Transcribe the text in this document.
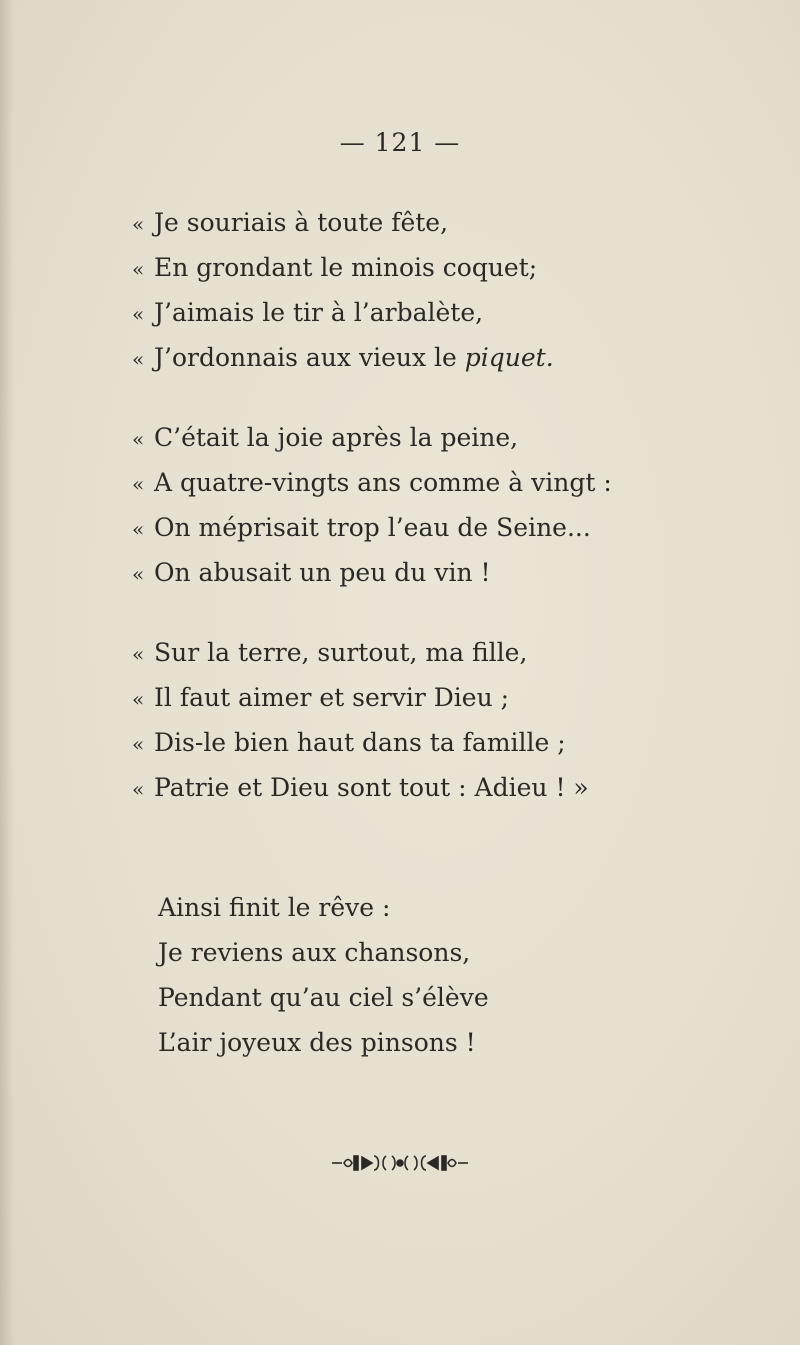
— 121 —
« Je souriais à toute fête,
« En grondant le minois coquet;
« J’aimais le tir à l’arbalète,
« J’ordonnais aux vieux le piquet.
« C’était la joie après la peine,
« A quatre-vingts ans comme à vingt :
« On méprisait trop l’eau de Seine...
« On abusait un peu du vin !
« Sur la terre, surtout, ma fille,
« Il faut aimer et servir Dieu ;
« Dis-le bien haut dans ta famille ;
« Patrie et Dieu sont tout : Adieu ! »
Ainsi finit le rêve :
Je reviens aux chansons,
Pendant qu’au ciel s’élève
L’air joyeux des pinsons !
